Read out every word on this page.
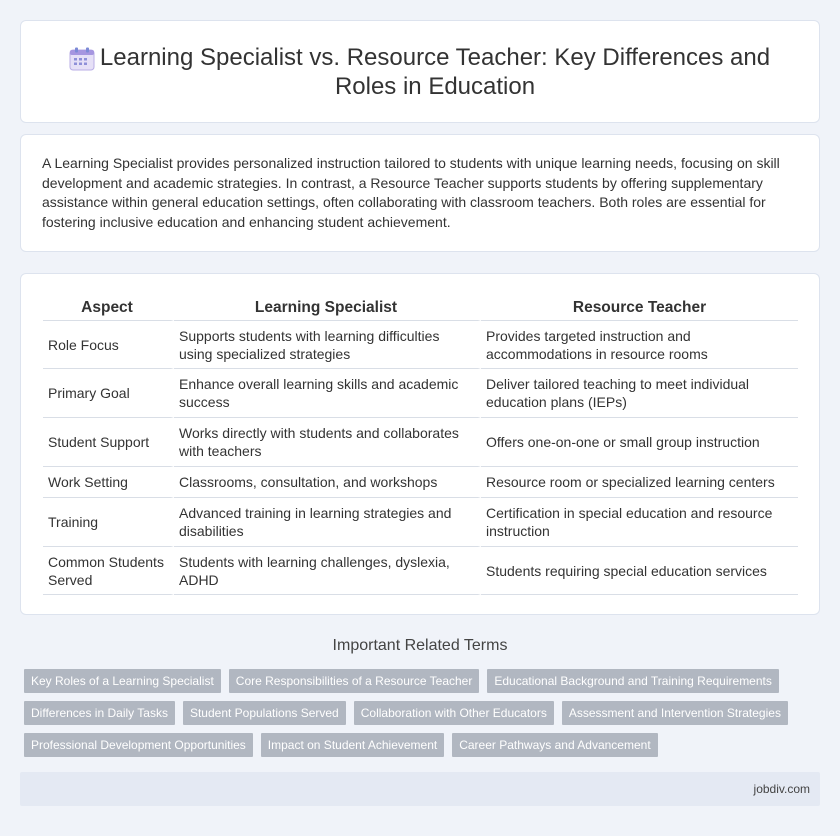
Learning Specialist vs. Resource Teacher: Key Differences and Roles in Education

A Learning Specialist provides personalized instruction tailored to students with unique learning needs, focusing on skill development and academic strategies. In contrast, a Resource Teacher supports students by offering supplementary assistance within general education settings, often collaborating with classroom teachers. Both roles are essential for fostering inclusive education and enhancing student achievement.

Aspect	Learning Specialist	Resource Teacher
Role Focus	Supports students with learning difficulties using specialized strategies	Provides targeted instruction and accommodations in resource rooms
Primary Goal	Enhance overall learning skills and academic success	Deliver tailored teaching to meet individual education plans (IEPs)
Student Support	Works directly with students and collaborates with teachers	Offers one-on-one or small group instruction
Work Setting	Classrooms, consultation, and workshops	Resource room or specialized learning centers
Training	Advanced training in learning strategies and disabilities	Certification in special education and resource instruction
Common Students Served	Students with learning challenges, dyslexia, ADHD	Students requiring special education services
Important Related Terms
Key Roles of a Learning Specialist	Core Responsibilities of a Resource Teacher	Educational Background and Training Requirements
Differences in Daily Tasks	Student Populations Served	Collaboration with Other Educators	Assessment and Intervention Strategies
Professional Development Opportunities	Impact on Student Achievement	Career Pathways and Advancement
jobdiv.com
